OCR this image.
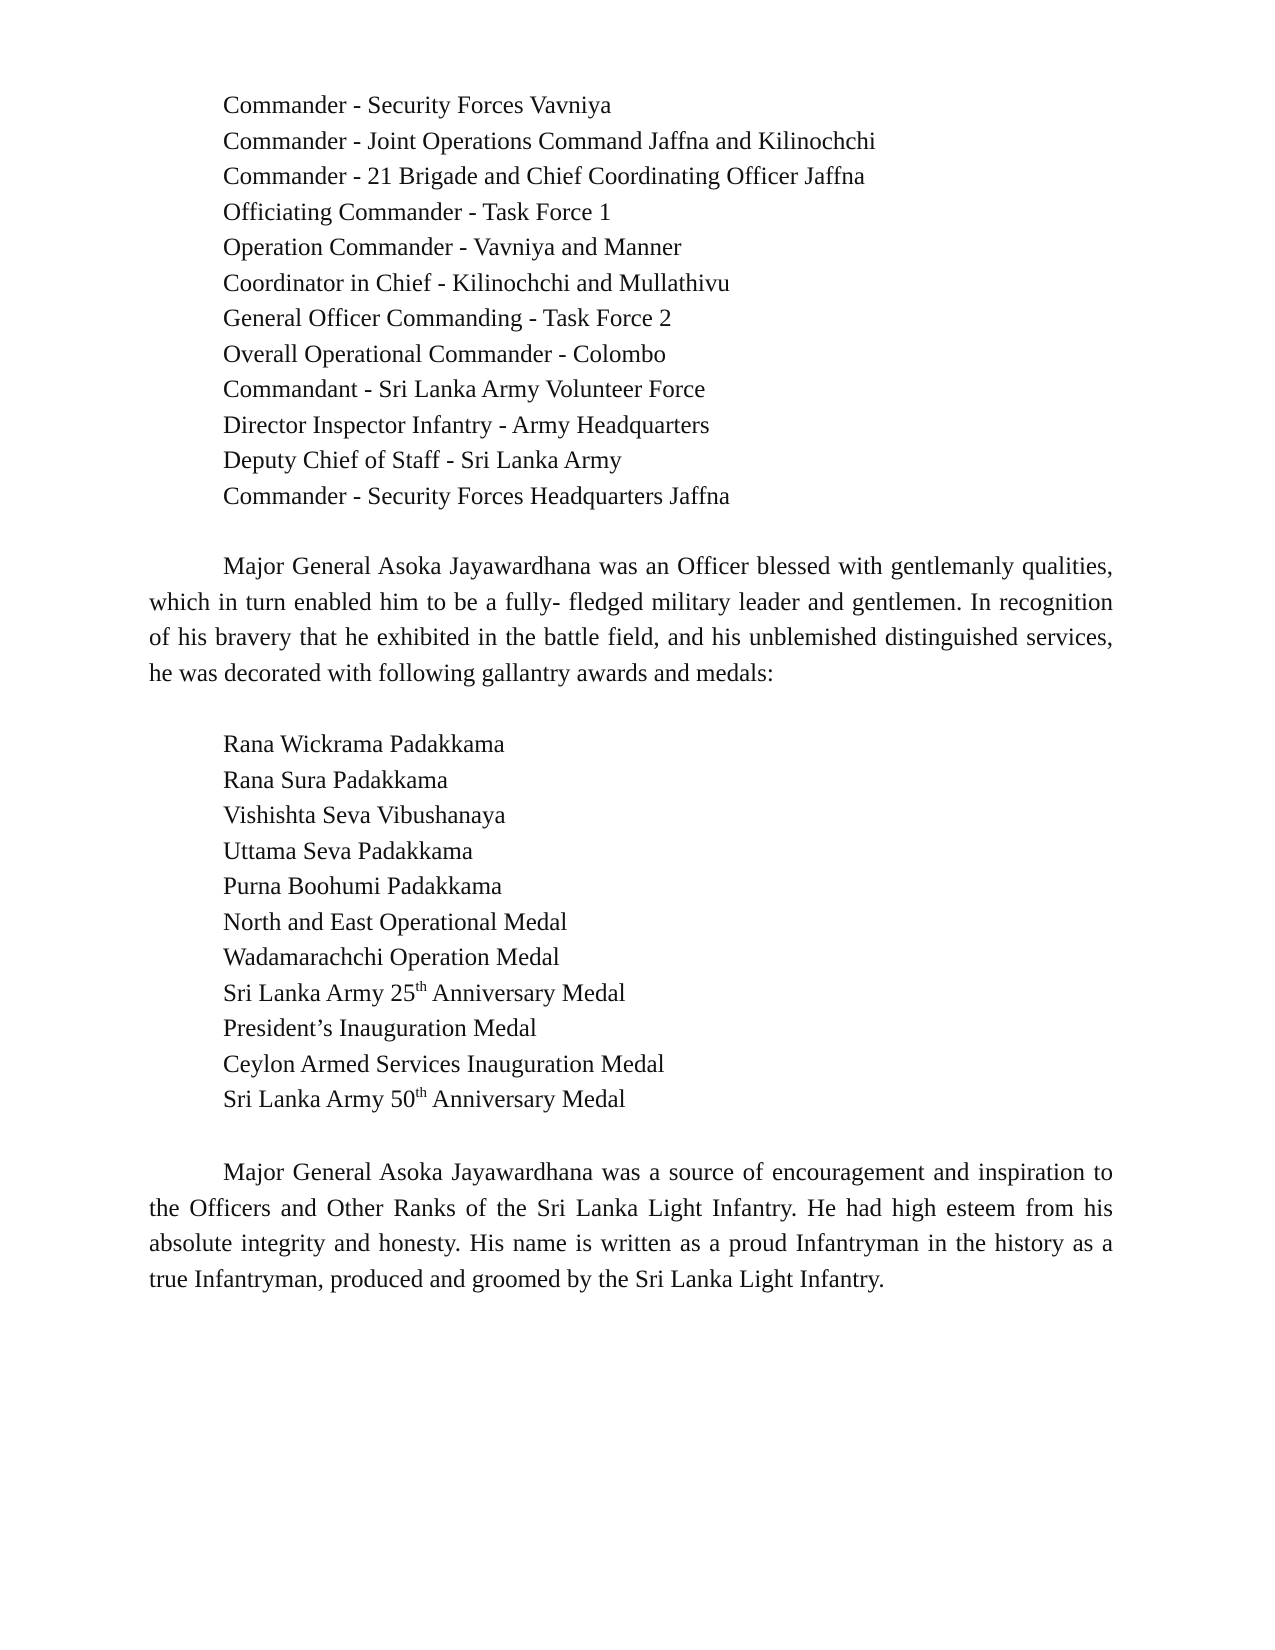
Commander - Security Forces Vavniya
Commander - Joint Operations Command Jaffna and Kilinochchi
Commander - 21 Brigade and Chief Coordinating Officer Jaffna
Officiating Commander - Task Force 1
Operation Commander - Vavniya and Manner
Coordinator in Chief - Kilinochchi and Mullathivu
General Officer Commanding - Task Force 2
Overall Operational Commander - Colombo
Commandant - Sri Lanka Army Volunteer Force
Director Inspector Infantry - Army Headquarters
Deputy Chief of Staff - Sri Lanka Army
Commander - Security Forces Headquarters Jaffna

Major General Asoka Jayawardhana was an Officer blessed with gentlemanly qualities, which in turn enabled him to be a fully- fledged military leader and gentlemen. In recognition of his bravery that he exhibited in the battle field, and his unblemished distinguished services, he was decorated with following gallantry awards and medals:

Rana Wickrama Padakkama
Rana Sura Padakkama
Vishishta Seva Vibushanaya
Uttama Seva Padakkama
Purna Boohumi Padakkama
North and East Operational Medal
Wadamarachchi Operation Medal
Sri Lanka Army 25th Anniversary Medal
President’s Inauguration Medal
Ceylon Armed Services Inauguration Medal
Sri Lanka Army 50th Anniversary Medal

Major General Asoka Jayawardhana was a source of encouragement and inspiration to the Officers and Other Ranks of the Sri Lanka Light Infantry. He had high esteem from his absolute integrity and honesty. His name is written as a proud Infantryman in the history as a true Infantryman, produced and groomed by the Sri Lanka Light Infantry.
